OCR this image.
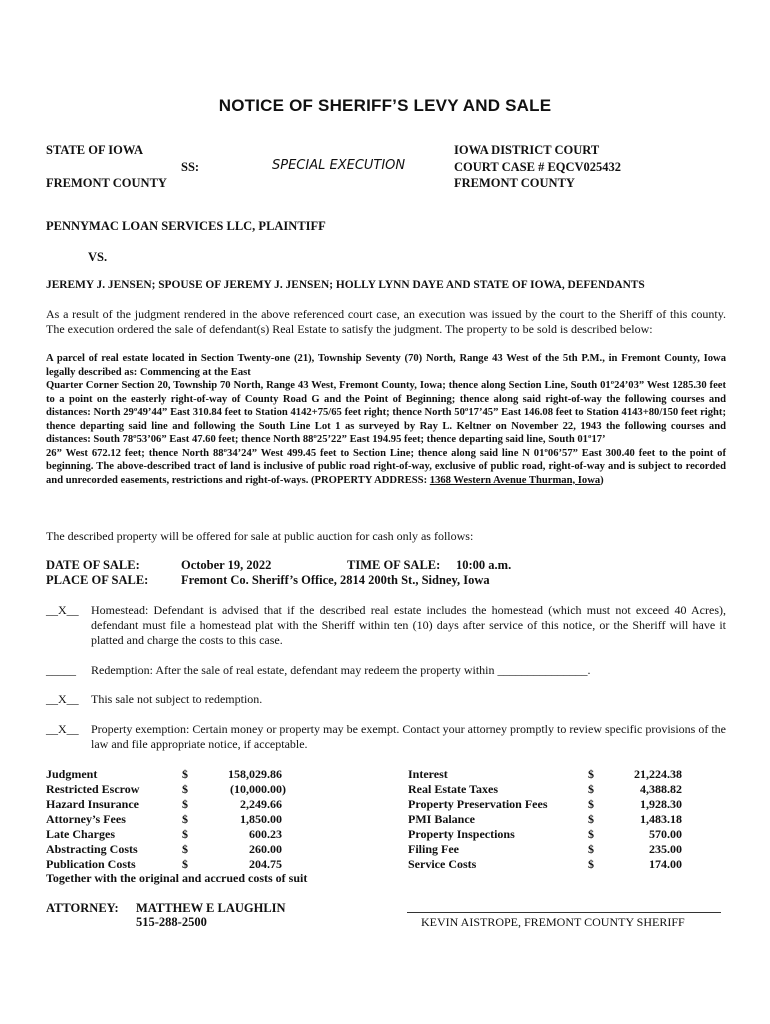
NOTICE OF SHERIFF’S LEVY AND SALE
STATE OF IOWA
SS:
FREMONT COUNTY
SPECIAL EXECUTION
IOWA DISTRICT COURT
COURT CASE # EQCV025432
FREMONT COUNTY
PENNYMAC LOAN SERVICES LLC, PLAINTIFF
VS.
JEREMY J. JENSEN; SPOUSE OF JEREMY J. JENSEN; HOLLY LYNN DAYE AND STATE OF IOWA, DEFENDANTS
As a result of the judgment rendered in the above referenced court case, an execution was issued by the court to the Sheriff of this county. The execution ordered the sale of defendant(s) Real Estate to satisfy the judgment. The property to be sold is described below:
A parcel of real estate located in Section Twenty-one (21), Township Seventy (70) North, Range 43 West of the 5th P.M., in Fremont County, Iowa legally described as: Commencing at the East
Quarter Corner Section 20, Township 70 North, Range 43 West, Fremont County, Iowa; thence along Section Line, South 01º24’03” West 1285.30 feet to a point on the easterly right-of-way of County Road G and the Point of Beginning; thence along said right-of-way the following courses and distances: North 29º49’44” East 310.84 feet to Station 4142+75/65 feet right; thence North 50º17’45” East 146.08 feet to Station 4143+80/150 feet right; thence departing said line and following the South Line Lot 1 as surveyed by Ray L. Keltner on November 22, 1943 the following courses and distances: South 78º53’06” East 47.60 feet; thence North 88º25’22” East 194.95 feet; thence departing said line, South 01º17’
26” West 672.12 feet; thence North 88º34’24” West 499.45 feet to Section Line; thence along said line N 01º06’57” East 300.40 feet to the point of beginning. The above-described tract of land is inclusive of public road right-of-way, exclusive of public road, right-of-way and is subject to recorded and unrecorded easements, restrictions and right-of-ways. (PROPERTY ADDRESS: 1368 Western Avenue Thurman, Iowa)
The described property will be offered for sale at public auction for cash only as follows:
DATE OF SALE:	October 19, 2022	TIME OF SALE: 10:00 a.m.
PLACE OF SALE:	Fremont Co. Sheriff’s Office, 2814 200th St., Sidney, Iowa
__X__	Homestead: Defendant is advised that if the described real estate includes the homestead (which must not exceed 40 Acres), defendant must file a homestead plat with the Sheriff within ten (10) days after service of this notice, or the Sheriff will have it platted and charge the costs to this case.
_____	Redemption: After the sale of real estate, defendant may redeem the property within _______________.
__X__	This sale not subject to redemption.
__X__	Property exemption: Certain money or property may be exempt. Contact your attorney promptly to review specific provisions of the law and file appropriate notice, if acceptable.
Judgment	$	158,029.86
Restricted Escrow	$	(10,000.00)
Hazard Insurance	$	2,249.66
Attorney’s Fees	$	1,850.00
Late Charges	$	600.23
Abstracting Costs	$	260.00
Publication Costs	$	204.75
Interest	$	21,224.38
Real Estate Taxes	$	4,388.82
Property Preservation Fees	$	1,928.30
PMI Balance	$	1,483.18
Property Inspections	$	570.00
Filing Fee	$	235.00
Service Costs	$	174.00
Together with the original and accrued costs of suit
ATTORNEY: MATTHEW E LAUGHLIN
515-288-2500	KEVIN AISTROPE, FREMONT COUNTY SHERIFF
